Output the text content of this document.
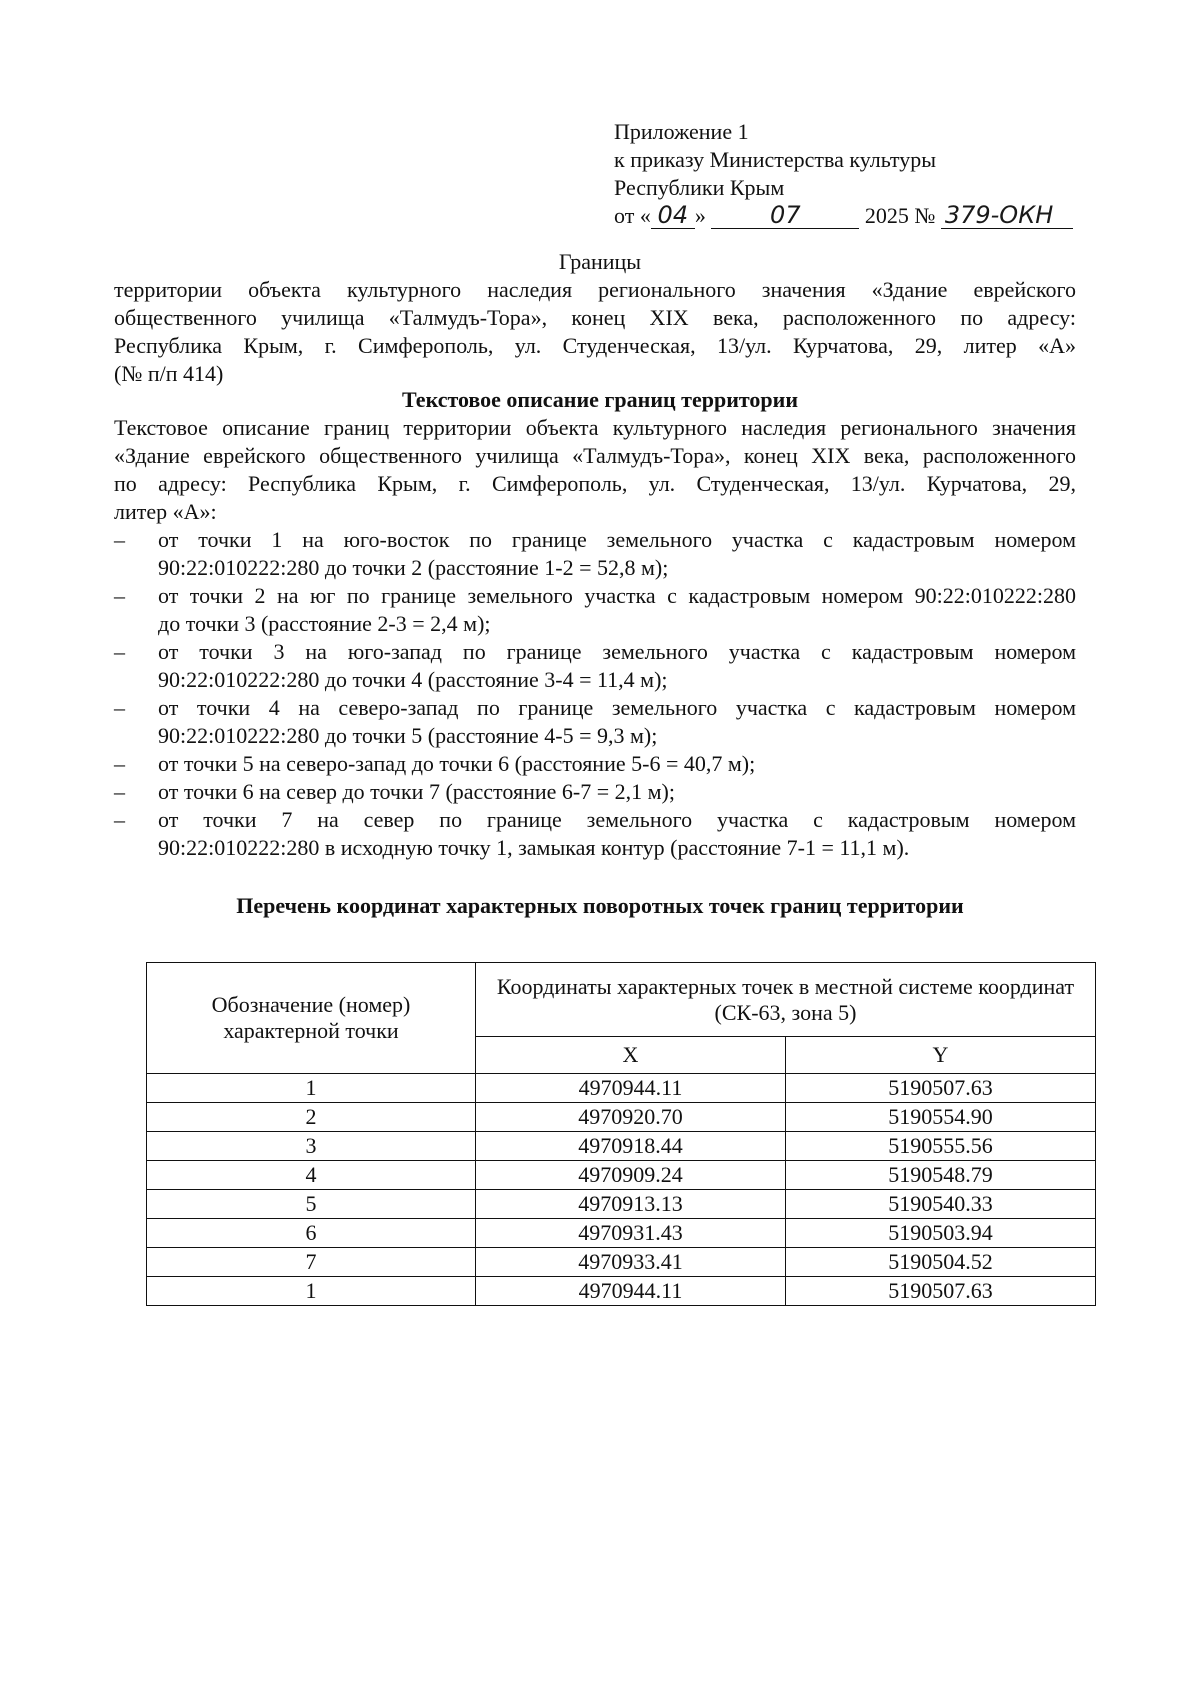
Приложение 1
к приказу Министерства культуры
Республики Крым
от « 04 »	07	2025 № 379-ОКН
Границы
территории объекта культурного наследия регионального значения «Здание еврейского
общественного училища «Талмудъ-Тора», конец XIX века, расположенного по адресу:
Республика Крым, г. Симферополь, ул. Студенческая, 13/ул. Курчатова, 29, литер «А»
(№ п/п 414)
Текстовое описание границ территории
Текстовое описание границ территории объекта культурного наследия регионального значения
«Здание еврейского общественного училища «Талмудъ-Тора», конец XIX века, расположенного
по адресу: Республика Крым, г. Симферополь, ул. Студенческая, 13/ул. Курчатова, 29,
литер «А»:
– от точки 1 на юго-восток по границе земельного участка с кадастровым номером
90:22:010222:280 до точки 2 (расстояние 1-2 = 52,8 м);
– от точки 2 на юг по границе земельного участка с кадастровым номером 90:22:010222:280
до точки 3 (расстояние 2-3 = 2,4 м);
– от точки 3 на юго-запад по границе земельного участка с кадастровым номером
90:22:010222:280 до точки 4 (расстояние 3-4 = 11,4 м);
– от точки 4 на северо-запад по границе земельного участка с кадастровым номером
90:22:010222:280 до точки 5 (расстояние 4-5 = 9,3 м);
– от точки 5 на северо-запад до точки 6 (расстояние 5-6 = 40,7 м);
– от точки 6 на север до точки 7 (расстояние 6-7 = 2,1 м);
– от точки 7 на север по границе земельного участка с кадастровым номером
90:22:010222:280 в исходную точку 1, замыкая контур (расстояние 7-1 = 11,1 м).
Перечень координат характерных поворотных точек границ территории
Обозначение (номер) характерной точки	Координаты характерных точек в местной системе координат (СК-63, зона 5)	
	X	Y
1	4970944.11	5190507.63
2	4970920.70	5190554.90
3	4970918.44	5190555.56
4	4970909.24	5190548.79
5	4970913.13	5190540.33
6	4970931.43	5190503.94
7	4970933.41	5190504.52
1	4970944.11	5190507.63
